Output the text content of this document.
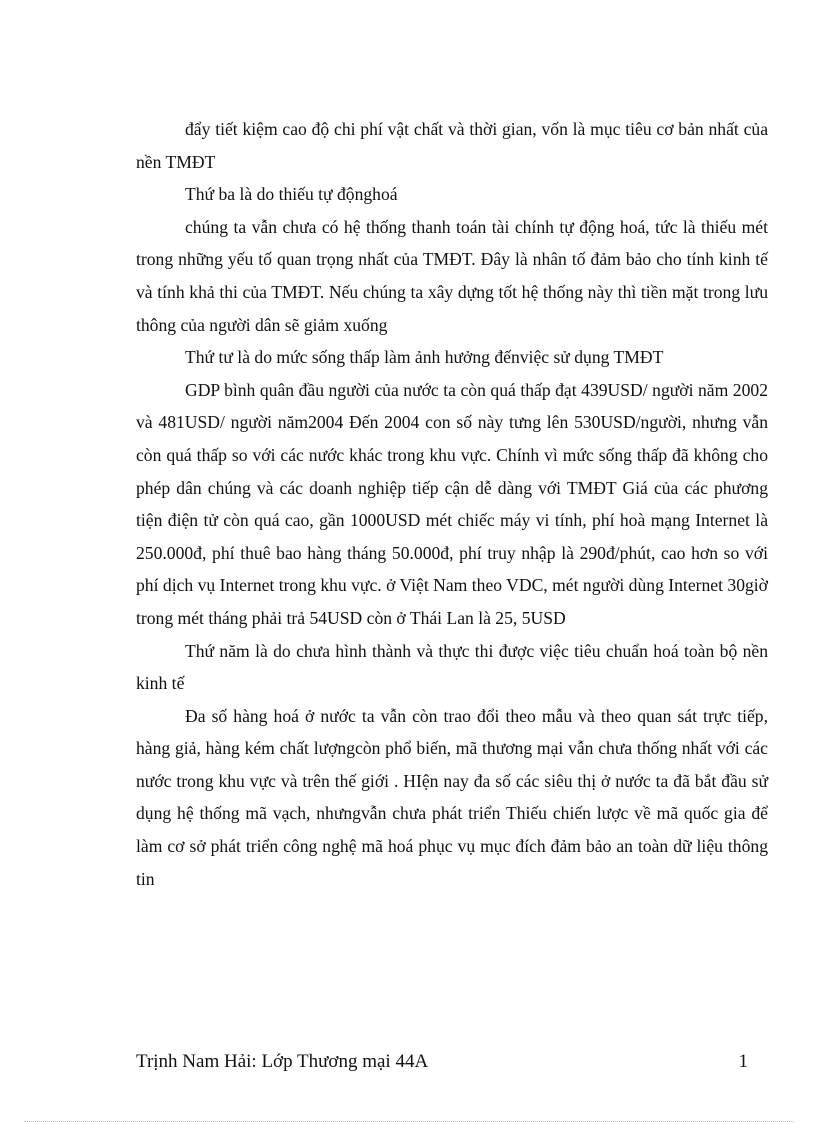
đẩy tiết kiệm cao độ chi phí vật chất và thời gian, vốn là mục tiêu cơ bản nhất của nền TMĐT

Thứ ba là do thiếu tự độnghoá

chúng ta vẫn chưa có hệ thống thanh toán tài chính tự động hoá, tức là thiếu mét trong những yếu tố quan trọng nhất của TMĐT. Đây là nhân tố đảm bảo cho tính kinh tế và tính khả thi của TMĐT. Nếu chúng ta xây dựng tốt hệ thống này thì tiền mặt trong lưu thông của người dân sẽ giảm xuống

Thứ tư là do mức sống thấp làm ảnh hưởng đếnviệc sử dụng TMĐT

GDP bình quân đầu người của nước ta còn quá thấp đạt 439USD/ người năm 2002 và 481USD/ người năm2004 Đến 2004 con số này tưng lên 530USD/người, nhưng vẫn còn quá thấp so với các nước khác trong khu vực. Chính vì mức sống thấp đã không cho phép dân chúng và các doanh nghiệp tiếp cận dễ dàng với TMĐT Giá của các phương tiện điện tử còn quá cao, gần 1000USD mét chiếc máy vi tính, phí hoà mạng Internet là 250.000đ, phí thuê bao hàng tháng 50.000đ, phí truy nhập là 290đ/phút, cao hơn so với phí dịch vụ Internet trong khu vực. ở Việt Nam theo VDC, mét người dùng Internet 30giờ trong mét tháng phải trả 54USD còn ở Thái Lan là 25, 5USD

Thứ năm là do chưa hình thành và thực thi được việc tiêu chuẩn hoá toàn bộ nền kinh tế

Đa số hàng hoá ở nước ta vẫn còn trao đổi theo mẫu và theo quan sát trực tiếp, hàng giả, hàng kém chất lượngcòn phổ biến, mã thương mại vẫn chưa thống nhất với các nước trong khu vực và trên thế giới . HIện nay đa số các siêu thị ở nước ta đã bắt đầu sử dụng hệ thống mã vạch, nhưngvẫn chưa phát triển Thiếu chiến lược về mã quốc gia để làm cơ sở phát triển công nghệ mã hoá phục vụ mục đích đảm bảo an toàn dữ liệu thông tin

Trịnh Nam Hải: Lớp Thương mại 44A	1
